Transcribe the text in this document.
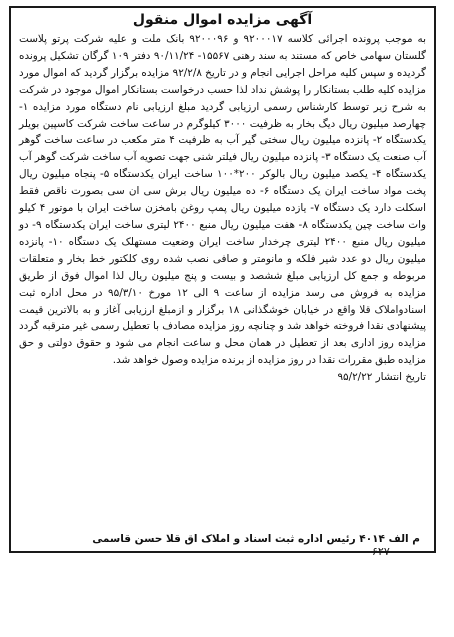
آگهی مزایده اموال منقول

به موجب پرونده اجرائی کلاسه ۹۲۰۰۰۱۷ و ۹۲۰۰۰۹۶ بانک ملت و علیه شرکت پرتو پلاست گلستان سهامی خاص که مستند به سند رهنی ۱۵۵۶۷- ۹۰/۱۱/۲۴ دفتر ۱۰۹ گرگان تشکیل پرونده گردیده و سپس کلیه مراحل اجرایی انجام و در تاریخ ۹۲/۲/۸ مزایده برگزار گردید که اموال مورد مزایده کلیه طلب بستانکار را پوشش نداد لذا حسب درخواست بستانکار اموال موجود در شرکت به شرح زیر توسط کارشناس رسمی ارزیابی گردید مبلغ ارزیابی نام دستگاه مورد مزایده ۱- چهارصد میلیون ریال دیگ بخار به ظرفیت ۳۰۰۰ کیلوگرم در ساعت ساخت شرکت کاسپین بویلر یکدستگاه ۲- پانزده میلیون ریال سختی گیر آب به ظرفیت ۴ متر مکعب در ساعت ساخت گوهر آب صنعت یک دستگاه ۳- پانزده میلیون ریال فیلتر شنی جهت تصویه آب ساخت شرکت گوهر آب یکدستگاه ۴- یکصد میلیون ریال بالوکر ۲۰۰*۱۰۰ ساخت ایران یکدستگاه ۵- پنجاه میلیون ریال پخت مواد ساخت ایران یک دستگاه ۶- ده میلیون ریال برش سی ان سی بصورت ناقص فقط اسکلت دارد یک دستگاه ۷- یازده میلیون ریال پمپ روغن بامخزن ساخت ایران با موتور ۴ کیلو وات ساخت چین یکدستگاه ۸- هفت میلیون ریال منبع ۲۴۰۰ لیتری ساخت ایران یکدستگاه ۹- دو میلیون ریال منبع ۲۴۰۰ لیتری چرخدار ساخت ایران وضعیت مستهلک یک دستگاه ۱۰- پانزده میلیون ریال دو عدد شیر فلکه و مانومتر و صافی نصب شده روی کلکتور خط بخار و متعلقات مربوطه و جمع کل ارزیابی مبلغ ششصد و بیست و پنج میلیون ریال لذا اموال فوق از طریق مزایده به فروش می رسد مزایده از ساعت ۹ الی ۱۲ مورخ ۹۵/۳/۱۰ در محل اداره ثبت اسنادواملاک قلا واقع در خیابان خوشگذانی ۱۸ برگزار و ازمبلغ ارزیابی آغاز و به بالاترین قیمت پیشنهادی نقدا فروخته خواهد شد و چنانچه روز مزایده مصادف با تعطیل رسمی غیر مترقبه گردد مزایده روز اداری بعد از تعطیل در همان محل و ساعت انجام می شود و حقوق دولتی و حق مزایده طبق مقررات نقدا در روز مزایده از برنده مزایده وصول خواهد شد.

تاریخ انتشار ۹۵/۲/۲۲

م الف ۴۰۱۴ رئیس اداره ثبت اسناد و املاک اق قلا حسن قاسمی
۶۲۷
